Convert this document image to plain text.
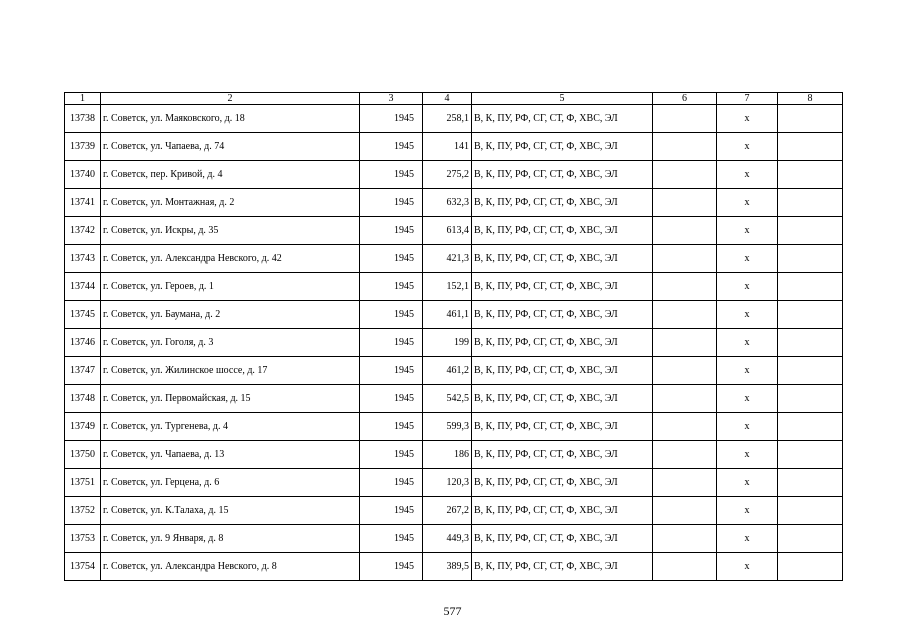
1	2	3	4	5	6	7	8
13738	г. Советск, ул. Маяковского, д. 18	1945	258,1	В, К, ПУ, РФ, СГ, СТ, Ф, ХВС, ЭЛ		х	
13739	г. Советск, ул. Чапаева, д. 74	1945	141	В, К, ПУ, РФ, СГ, СТ, Ф, ХВС, ЭЛ		х	
13740	г. Советск, пер. Кривой, д. 4	1945	275,2	В, К, ПУ, РФ, СГ, СТ, Ф, ХВС, ЭЛ		х	
13741	г. Советск, ул. Монтажная, д. 2	1945	632,3	В, К, ПУ, РФ, СГ, СТ, Ф, ХВС, ЭЛ		х	
13742	г. Советск, ул. Искры, д. 35	1945	613,4	В, К, ПУ, РФ, СГ, СТ, Ф, ХВС, ЭЛ		х	
13743	г. Советск, ул. Александра Невского, д. 42	1945	421,3	В, К, ПУ, РФ, СГ, СТ, Ф, ХВС, ЭЛ		х	
13744	г. Советск, ул. Героев, д. 1	1945	152,1	В, К, ПУ, РФ, СГ, СТ, Ф, ХВС, ЭЛ		х	
13745	г. Советск, ул. Баумана, д. 2	1945	461,1	В, К, ПУ, РФ, СГ, СТ, Ф, ХВС, ЭЛ		х	
13746	г. Советск, ул. Гоголя, д. 3	1945	199	В, К, ПУ, РФ, СГ, СТ, Ф, ХВС, ЭЛ		х	
13747	г. Советск, ул. Жилинское шоссе, д. 17	1945	461,2	В, К, ПУ, РФ, СГ, СТ, Ф, ХВС, ЭЛ		х	
13748	г. Советск, ул. Первомайская, д. 15	1945	542,5	В, К, ПУ, РФ, СГ, СТ, Ф, ХВС, ЭЛ		х	
13749	г. Советск, ул. Тургенева, д. 4	1945	599,3	В, К, ПУ, РФ, СГ, СТ, Ф, ХВС, ЭЛ		х	
13750	г. Советск, ул. Чапаева, д. 13	1945	186	В, К, ПУ, РФ, СГ, СТ, Ф, ХВС, ЭЛ		х	
13751	г. Советск, ул. Герцена, д. 6	1945	120,3	В, К, ПУ, РФ, СГ, СТ, Ф, ХВС, ЭЛ		х	
13752	г. Советск, ул. К.Талаха, д. 15	1945	267,2	В, К, ПУ, РФ, СГ, СТ, Ф, ХВС, ЭЛ		х	
13753	г. Советск, ул. 9 Января, д. 8	1945	449,3	В, К, ПУ, РФ, СГ, СТ, Ф, ХВС, ЭЛ		х	
13754	г. Советск, ул. Александра Невского, д. 8	1945	389,5	В, К, ПУ, РФ, СГ, СТ, Ф, ХВС, ЭЛ		х	
577
